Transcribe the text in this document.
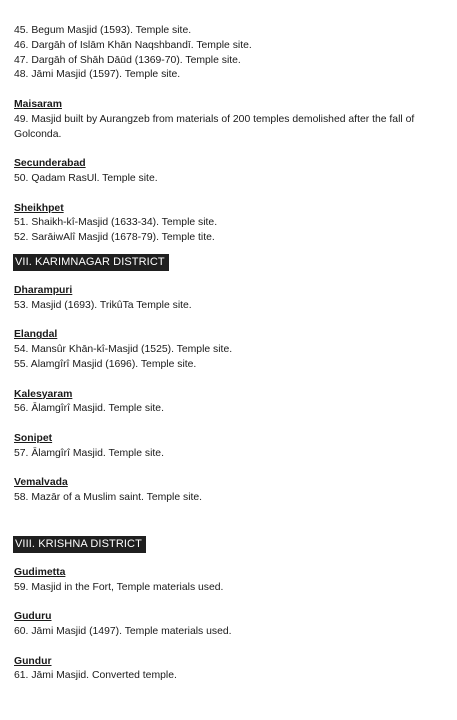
45. Begum Masjid (1593). Temple site.
46. Dargāh of Islām Khān Naqshbandī. Temple site.
47. Dargāh of Shāh Dāūd (1369-70). Temple site.
48. Jāmi Masjid (1597). Temple site.
Maisaram
49. Masjid built by Aurangzeb from materials of 200 temples demolished after the fall of Golconda.
Secunderabad
50. Qadam RasUl. Temple site.
Sheikhpet
51. Shaikh-kî-Masjid (1633-34). Temple site.
52. SarāiwAlî Masjid (1678-79). Temple tite.
VII. KARIMNAGAR DISTRICT
Dharampuri
53. Masjid (1693). TrikûTa Temple site.
Elangdal
54. Mansûr Khān-kî-Masjid (1525). Temple site.
55. Alamgîrî Masjid (1696). Temple site.
Kalesyaram
56. Ālamgîrî Masjid. Temple site.
Sonipet
57. Ālamgîrî Masjid. Temple site.
Vemalvada
58. Mazār of a Muslim saint. Temple site.
VIII. KRISHNA DISTRICT
Gudimetta
59. Masjid in the Fort, Temple materials used.
Guduru
60. Jāmi Masjid (1497). Temple materials used.
Gundur
61. Jāmi Masjid. Converted temple.
